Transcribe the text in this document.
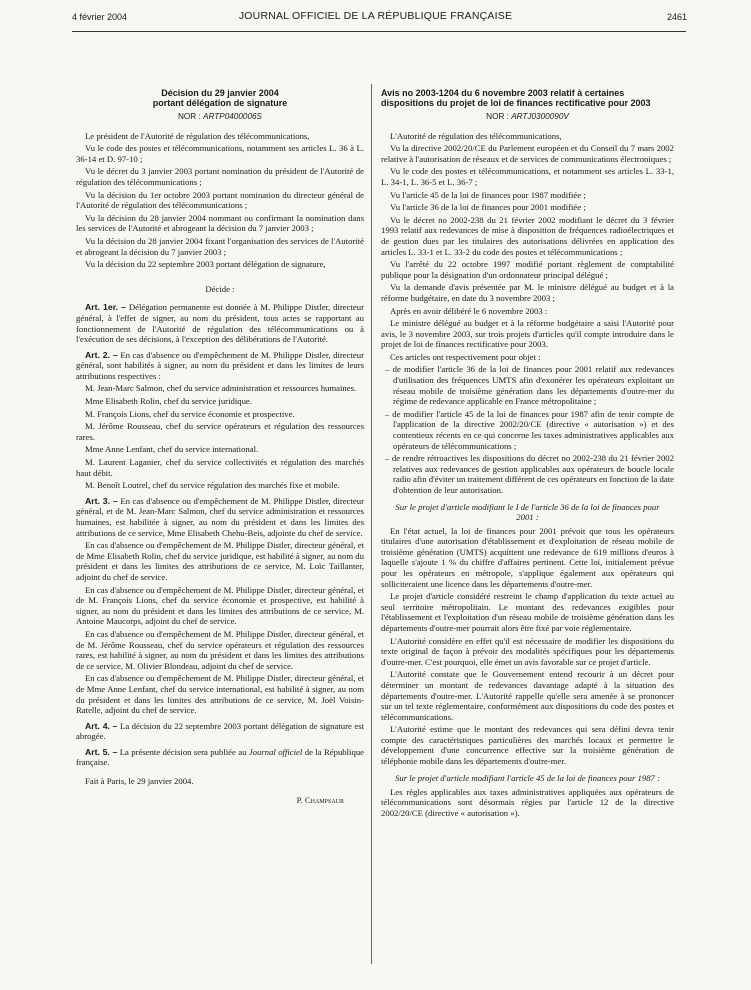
4 février 2004	JOURNAL OFFICIEL DE LA RÉPUBLIQUE FRANÇAISE	2461
Décision du 29 janvier 2004
portant délégation de signature
NOR : ARTP0400006S

Le président de l'Autorité de régulation des télécommunications,

Vu le code des postes et télécommunications, notamment ses articles L. 36 à L. 36-14 et D. 97-10 ;

Vu le décret du 3 janvier 2003 portant nomination du président de l'Autorité de régulation des télécommunications ;

Vu la décision du 1er octobre 2003 portant nomination du directeur général de l'Autorité de régulation des télécommunications ;

Vu la décision du 28 janvier 2004 nommant ou confirmant la nomination dans les services de l'Autorité et abrogeant la décision du 7 janvier 2003 ;

Vu la décision du 28 janvier 2004 fixant l'organisation des services de l'Autorité et abrogeant la décision du 7 janvier 2003 ;

Vu la décision du 22 septembre 2003 portant délégation de signature,

Décide :

Art. 1er. – Délégation permanente est donnée à M. Philippe Distler, directeur général, à l'effet de signer, au nom du président, tous actes se rapportant au fonctionnement de l'Autorité de régulation des télécommunications ou à l'exécution de ses décisions, à l'exception des délibérations de l'Autorité.

Art. 2. – En cas d'absence ou d'empêchement de M. Philippe Distler, directeur général, sont habilités à signer, au nom du président et dans les limites de leurs attributions respectives :

M. Jean-Marc Salmon, chef du service administration et ressources humaines.

Mme Elisabeth Rolin, chef du service juridique.

M. François Lions, chef du service économie et prospective.

M. Jérôme Rousseau, chef du service opérateurs et régulation des ressources rares.

Mme Anne Lenfant, chef du service international.

M. Laurent Laganier, chef du service collectivités et régulation des marchés haut débit.

M. Benoît Loutrel, chef du service régulation des marchés fixe et mobile.

Art. 3. – En cas d'absence ou d'empêchement de M. Philippe Distler, directeur général, et de M. Jean-Marc Salmon, chef du service administration et ressources humaines, est habilitée à signer, au nom du président et dans les limites des attributions de ce service, Mme Elisabeth Chehu-Beis, adjointe du chef de service.

En cas d'absence ou d'empêchement de M. Philippe Distler, directeur général, et de Mme Elisabeth Rolin, chef du service juridique, est habilité à signer, au nom du président et dans les limites des attributions de ce service, M. Loïc Taillanter, adjoint du chef de service.

En cas d'absence ou d'empêchement de M. Philippe Distler, directeur général, et de M. François Lions, chef du service économie et prospective, est habilité à signer, au nom du président et dans les limites des attributions de ce service, M. Antoine Maucorps, adjoint du chef de service.

En cas d'absence ou d'empêchement de M. Philippe Distler, directeur général, et de M. Jérôme Rousseau, chef du service opérateurs et régulation des ressources rares, est habilité à signer, au nom du président et dans les limites des attributions de ce service, M. Olivier Blondeau, adjoint du chef de service.

En cas d'absence ou d'empêchement de M. Philippe Distler, directeur général, et de Mme Anne Lenfant, chef du service international, est habilité à signer, au nom du président et dans les limites des attributions de ce service, M. Joël Voisin-Ratelle, adjoint du chef de service.

Art. 4. – La décision du 22 septembre 2003 portant délégation de signature est abrogée.

Art. 5. – La présente décision sera publiée au Journal officiel de la République française.

Fait à Paris, le 29 janvier 2004.

P. Champsaur

Avis no 2003-1204 du 6 novembre 2003 relatif à certaines dispositions du projet de loi de finances rectificative pour 2003
NOR : ARTJ0300090V

L'Autorité de régulation des télécommunications,

Vu la directive 2002/20/CE du Parlement européen et du Conseil du 7 mars 2002 relative à l'autorisation de réseaux et de services de communications électroniques ;

Vu le code des postes et télécommunications, et notamment ses articles L. 33-1, L. 34-1, L. 36-5 et L. 36-7 ;

Vu l'article 45 de la loi de finances pour 1987 modifiée ;

Vu l'article 36 de la loi de finances pour 2001 modifiée ;

Vu le décret no 2002-238 du 21 février 2002 modifiant le décret du 3 février 1993 relatif aux redevances de mise à disposition de fréquences radioélectriques et de gestion dues par les titulaires des autorisations délivrées en application des articles L. 33-1 et L. 33-2 du code des postes et télécommunications ;

Vu l'arrêté du 22 octobre 1997 modifié portant règlement de comptabilité publique pour la désignation d'un ordonnateur principal délégué ;

Vu la demande d'avis présentée par M. le ministre délégué au budget et à la réforme budgétaire, en date du 3 novembre 2003 ;

Après en avoir délibéré le 6 novembre 2003 :

Le ministre délégué au budget et à la réforme budgétaire a saisi l'Autorité pour avis, le 3 novembre 2003, sur trois projets d'articles qu'il compte introduire dans le projet de loi de finances rectificative pour 2003.

Ces articles ont respectivement pour objet :

– de modifier l'article 36 de la loi de finances pour 2001 relatif aux redevances d'utilisation des fréquences UMTS afin d'exonérer les opérateurs exploitant un réseau mobile de troisième génération dans les départements d'outre-mer du régime de redevance applicable en France métropolitaine ;

– de modifier l'article 45 de la loi de finances pour 1987 afin de tenir compte de l'application de la directive 2002/20/CE (directive « autorisation ») et des contentieux récents en ce qui concerne les taxes administratives applicables aux opérateurs de télécommunications ;

– de rendre rétroactives les dispositions du décret no 2002-238 du 21 février 2002 relatives aux redevances de gestion applicables aux opérateurs de boucle locale radio afin d'éviter un traitement différent de ces opérateurs en fonction de la date d'obtention de leur autorisation.

Sur le projet d'article modifiant le I de l'article 36 de la loi de finances pour 2001 :

En l'état actuel, la loi de finances pour 2001 prévoit que tous les opérateurs titulaires d'une autorisation d'établissement et d'exploitation de réseau mobile de troisième génération (UMTS) acquittent une redevance de 619 millions d'euros à laquelle s'ajoute 1 % du chiffre d'affaires pertinent. Cette loi, initialement prévue pour les opérateurs en métropole, s'applique également aux opérateurs qui solliciteraient une licence dans les départements d'outre-mer.

Le projet d'article considéré restreint le champ d'application du texte actuel au seul territoire métropolitain. Le montant des redevances exigibles pour l'établissement et l'exploitation d'un réseau mobile de troisième génération dans les départements d'outre-mer pourrait alors être fixé par voie réglementaire.

L'Autorité considère en effet qu'il est nécessaire de modifier les dispositions du texte original de façon à prévoir des modalités spécifiques pour les départements d'outre-mer. C'est pourquoi, elle émet un avis favorable sur ce projet d'article.

L'Autorité constate que le Gouvernement entend recourir à un décret pour déterminer un montant de redevances davantage adapté à la situation des départements d'outre-mer. L'Autorité rappelle qu'elle sera amenée à se prononcer sur un tel texte réglementaire, conformément aux dispositions du code des postes et télécommunications.

L'Autorité estime que le montant des redevances qui sera défini devra tenir compte des caractéristiques particulières des marchés locaux et permettre le développement d'une concurrence effective sur la troisième génération de téléphonie mobile dans les départements d'outre-mer.

Sur le projet d'article modifiant l'article 45 de la loi de finances pour 1987 :

Les règles applicables aux taxes administratives appliquées aux opérateurs de télécommunications sont désormais régies par l'article 12 de la directive 2002/20/CE (directive « autorisation »).
